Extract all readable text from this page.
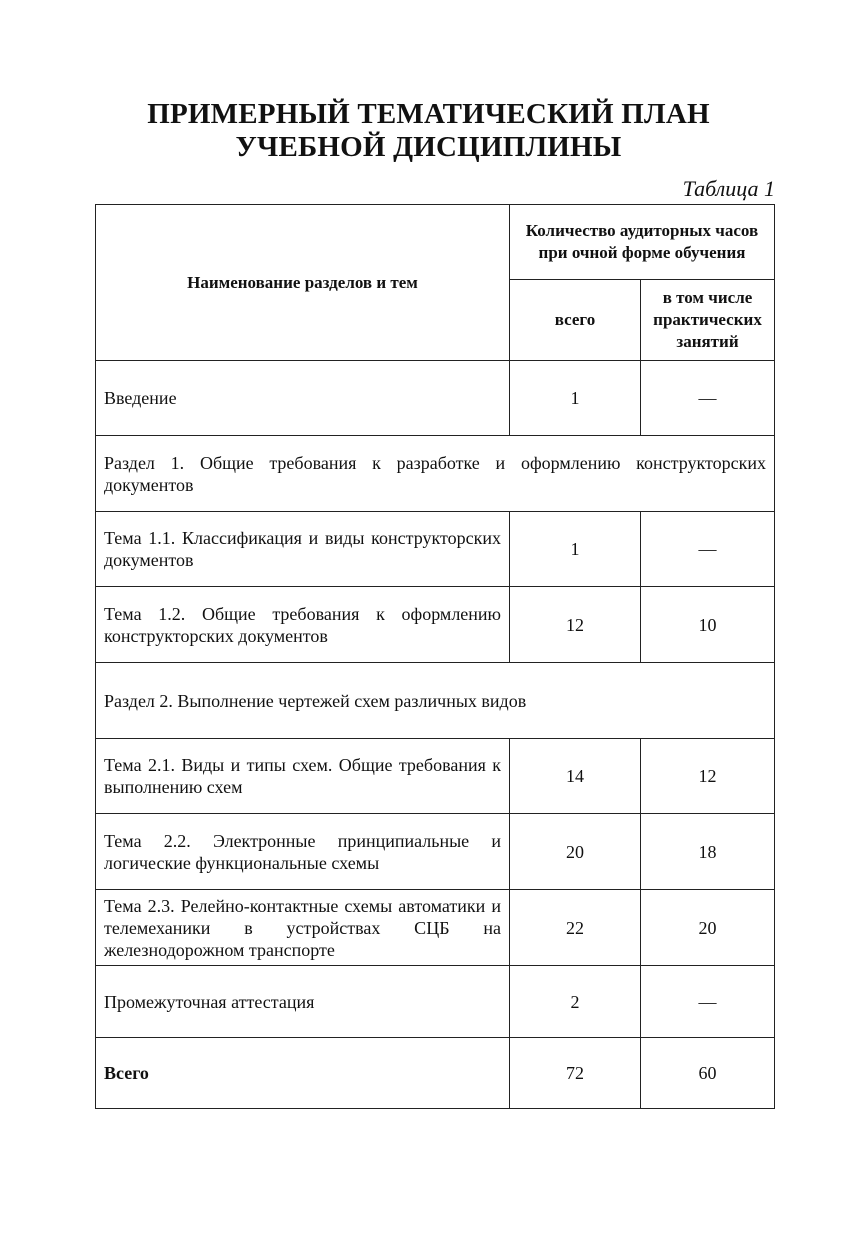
ПРИМЕРНЫЙ ТЕМАТИЧЕСКИЙ ПЛАН
УЧЕБНОЙ ДИСЦИПЛИНЫ
Таблица 1
Наименование разделов и тем	Количество аудиторных часов при очной форме обучения	
	всего	в том числе практических занятий
Введение	1	—
Раздел 1. Общие требования к разработке и оформлению конструкторских документов		
Тема 1.1. Классификация и виды конструкторских документов	1	—
Тема 1.2. Общие требования к оформлению конструкторских документов	12	10
Раздел 2. Выполнение чертежей схем различных видов		
Тема 2.1. Виды и типы схем. Общие требования к выполнению схем	14	12
Тема 2.2. Электронные принципиальные и логические функциональные схемы	20	18
Тема 2.3. Релейно-контактные схемы автоматики и телемеханики в устройствах СЦБ на железнодорожном транспорте	22	20
Промежуточная аттестация	2	—
Всего	72	60
